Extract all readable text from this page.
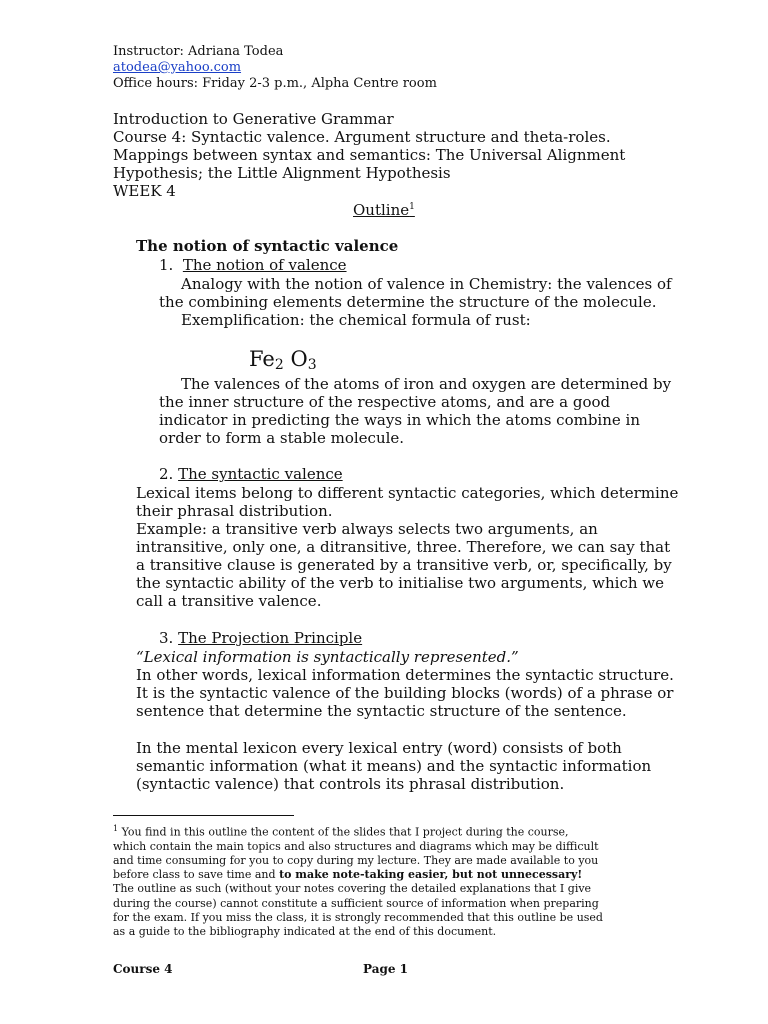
Instructor: Adriana Todea
atodea@yahoo.com
Office hours: Friday 2-3 p.m., Alpha Centre room
Introduction to Generative Grammar
Course 4: Syntactic valence. Argument structure and theta-roles.
Mappings between syntax and semantics: The Universal Alignment
Hypothesis; the Little Alignment Hypothesis
WEEK 4
Outline$^1$
The notion of syntactic valence
1. The notion of valence
Analogy with the notion of valence in Chemistry: the valences of
the combining elements determine the structure of the molecule.
Exemplification: the chemical formula of rust:
$Fe_2$ $O_3$
The valences of the atoms of iron and oxygen are determined by
the inner structure of the respective atoms, and are a good
indicator in predicting the ways in which the atoms combine in
order to form a stable molecule.
2. The syntactic valence
Lexical items belong to different syntactic categories, which determine
their phrasal distribution.
Example: a transitive verb always selects two arguments, an
intransitive, only one, a ditransitive, three. Therefore, we can say that
a transitive clause is generated by a transitive verb, or, specifically, by
the syntactic ability of the verb to initialise two arguments, which we
call a transitive valence.
3. The Projection Principle
“Lexical information is syntactically represented.”
In other words, lexical information determines the syntactic structure.
It is the syntactic valence of the building blocks (words) of a phrase or
sentence that determine the syntactic structure of the sentence.
In the mental lexicon every lexical entry (word) consists of both
semantic information (what it means) and the syntactic information
(syntactic valence) that controls its phrasal distribution.
$^1$ You find in this outline the content of the slides that I project during the course,
which contain the main topics and also structures and diagrams which may be difficult
and time consuming for you to copy during my lecture. They are made available to you
before class to save time and to make note-taking easier, but not unnecessary!
The outline as such (without your notes covering the detailed explanations that I give
during the course) cannot constitute a sufficient source of information when preparing
for the exam. If you miss the class, it is strongly recommended that this outline be used
as a guide to the bibliography indicated at the end of this document.
Course 4	Page 1
